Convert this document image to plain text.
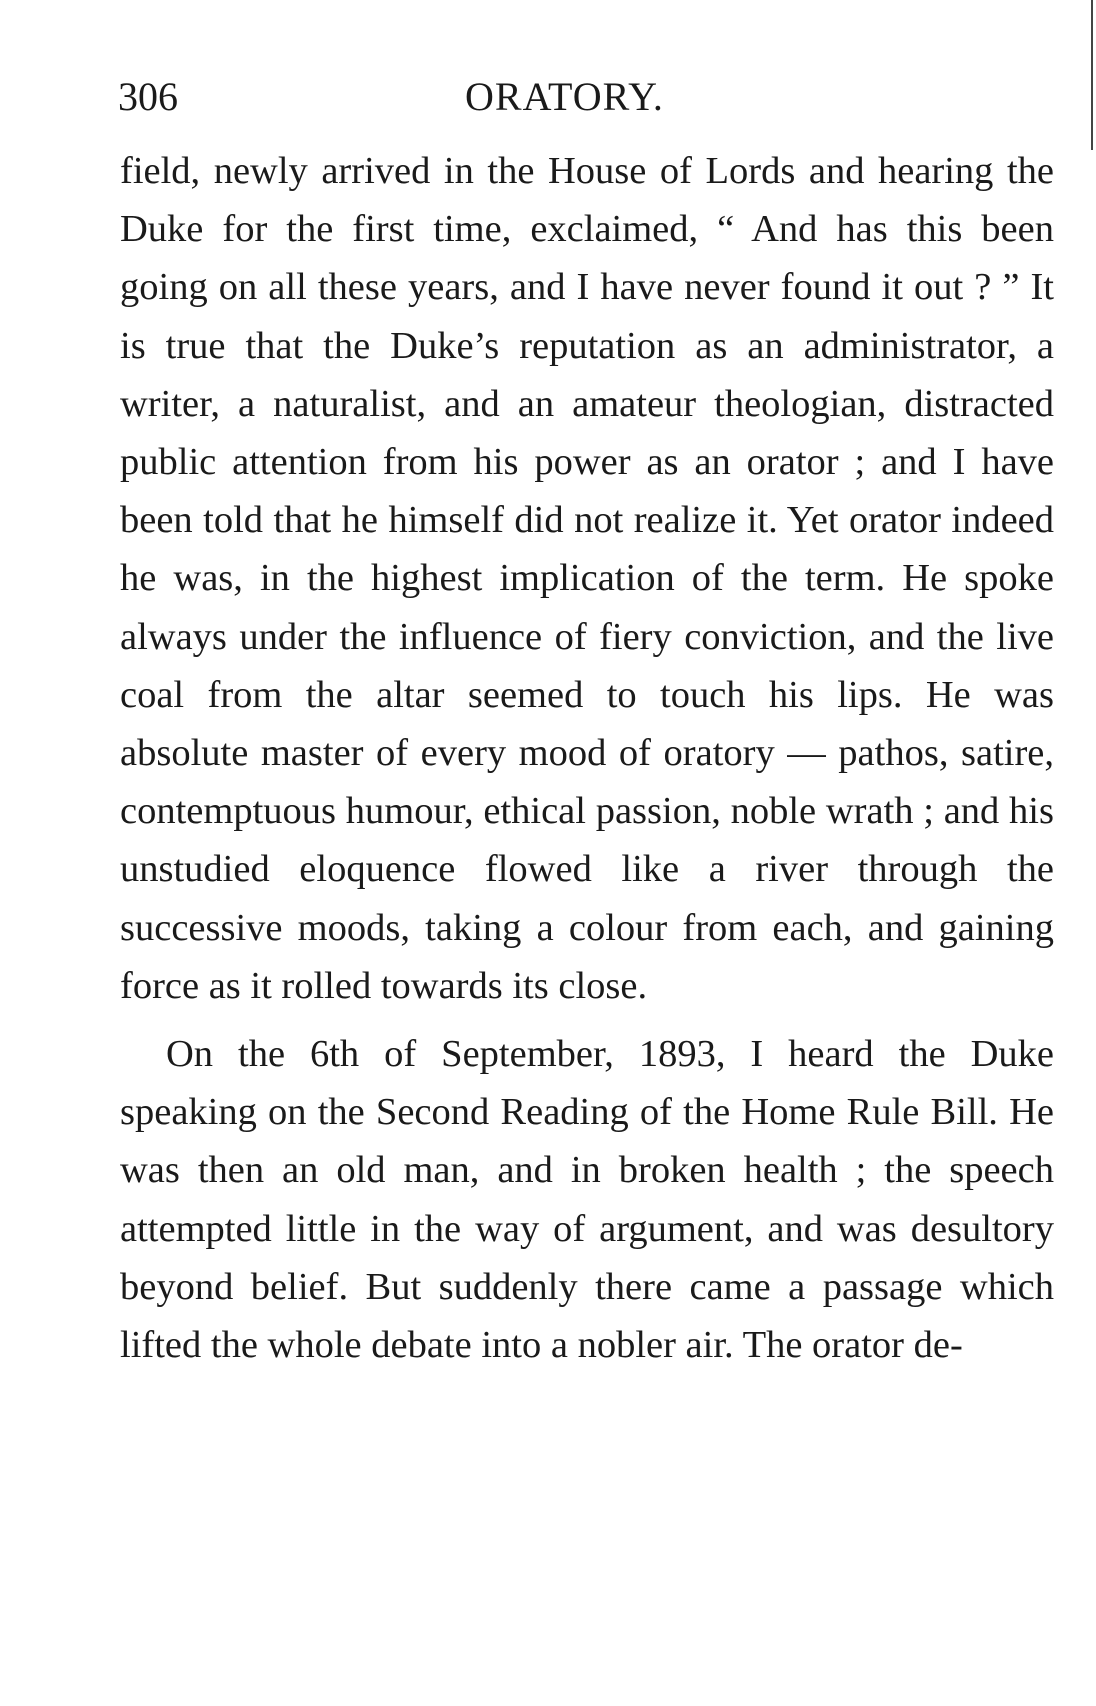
306	ORATORY.

field, newly arrived in the House of Lords and hearing the Duke for the first time, exclaimed, “ And has this been going on all these years, and I have never found it out ? ” It is true that the Duke’s reputation as an administrator, a writer, a naturalist, and an amateur theologian, distracted public attention from his power as an orator ; and I have been told that he himself did not realize it. Yet orator indeed he was, in the highest implication of the term. He spoke always under the influence of fiery conviction, and the live coal from the altar seemed to touch his lips. He was absolute master of every mood of oratory — pathos, satire, contemptuous humour, ethical passion, noble wrath ; and his unstudied eloquence flowed like a river through the successive moods, taking a colour from each, and gaining force as it rolled towards its close.

On the 6th of September, 1893, I heard the Duke speaking on the Second Reading of the Home Rule Bill. He was then an old man, and in broken health ; the speech attempted little in the way of argument, and was desultory beyond belief. But suddenly there came a passage which lifted the whole debate into a nobler air. The orator de-
